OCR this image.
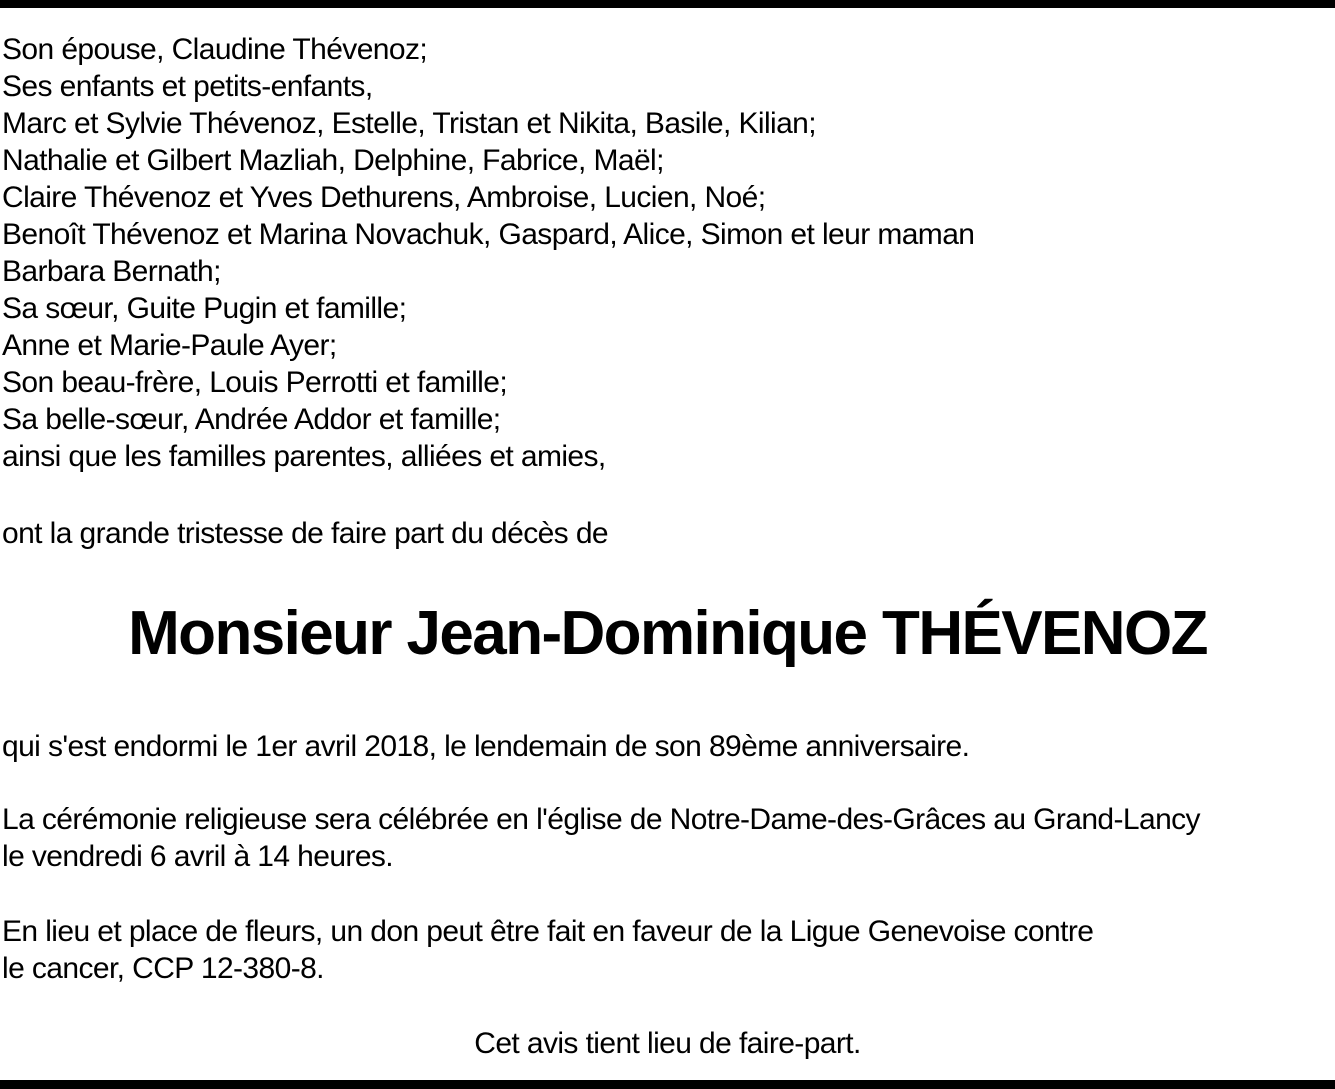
Son épouse, Claudine Thévenoz;
Ses enfants et petits-enfants,
Marc et Sylvie Thévenoz, Estelle, Tristan et Nikita, Basile, Kilian;
Nathalie et Gilbert Mazliah, Delphine, Fabrice, Maël;
Claire Thévenoz et Yves Dethurens, Ambroise, Lucien, Noé;
Benoît Thévenoz et Marina Novachuk, Gaspard, Alice, Simon et leur maman
Barbara Bernath;
Sa sœur, Guite Pugin et famille;
Anne et Marie-Paule Ayer;
Son beau-frère, Louis Perrotti et famille;
Sa belle-sœur, Andrée Addor et famille;
ainsi que les familles parentes, alliées et amies,
ont la grande tristesse de faire part du décès de
Monsieur Jean-Dominique THÉVENOZ
qui s'est endormi le 1er avril 2018, le lendemain de son 89ème anniversaire.
La cérémonie religieuse sera célébrée en l'église de Notre-Dame-des-Grâces au Grand-Lancy
le vendredi 6 avril à 14 heures.
En lieu et place de fleurs, un don peut être fait en faveur de la Ligue Genevoise contre
le cancer, CCP 12-380-8.
Cet avis tient lieu de faire-part.
